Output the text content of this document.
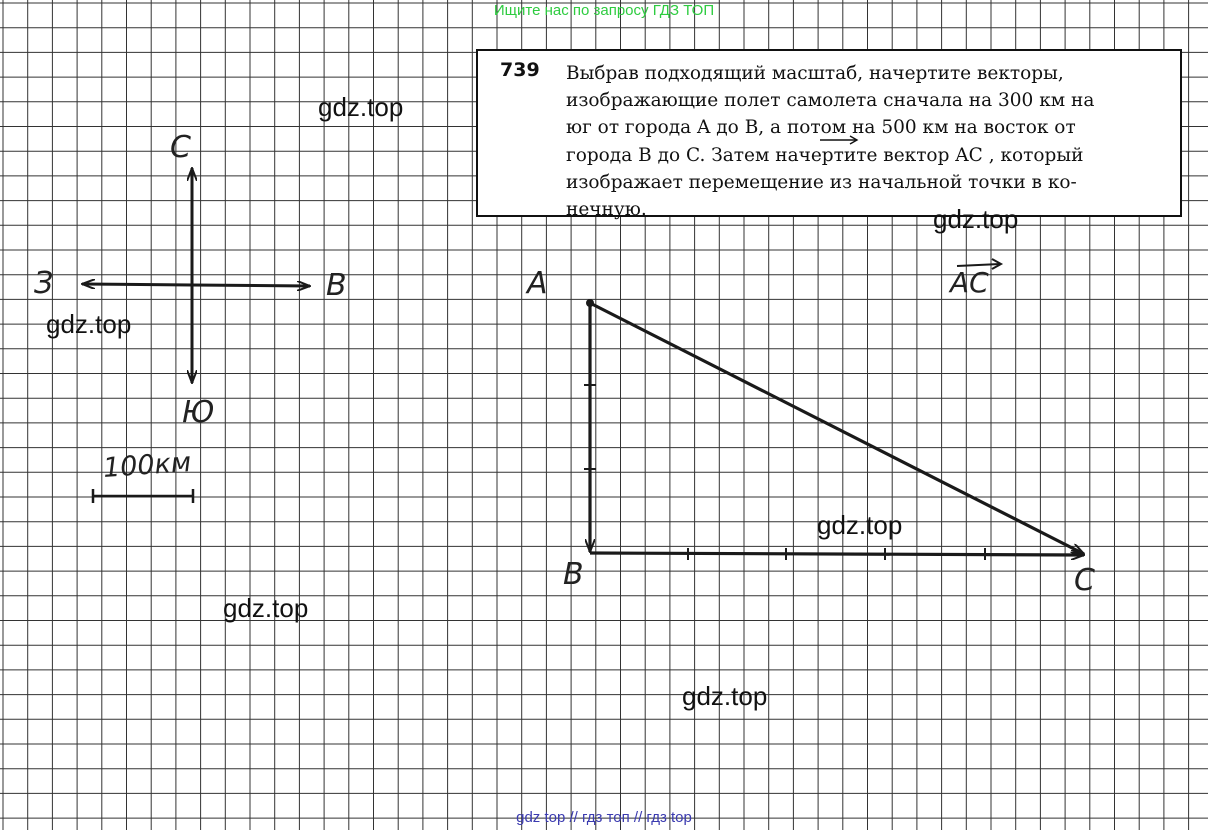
Ищите нас по запросу ГДЗ ТОП
gdz top // гдз топ // гдз top
739 Выбрав подходящий масштаб, начертите векторы,
изображающие полет самолета сначала на 300 км на
юг от города A до B, а потом на 500 км на восток от
города B до C. Затем начертите вектор AC , который
изображает перемещение из начальной точки в ко-
нечную.
gdz.top
gdz.top
gdz.top
gdz.top
gdz.top
gdz.top
С
Ю
З	В
100км
A
B	C
AC
